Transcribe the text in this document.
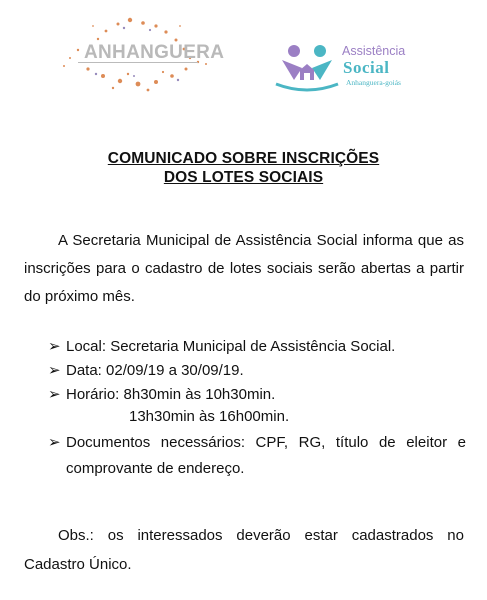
ANHANGUERA	Assistência
Social
Anhanguera-goiás
COMUNICADO SOBRE INSCRIÇÕES
DOS LOTES SOCIAIS
A Secretaria Municipal de Assistência Social informa que as inscrições para o cadastro de lotes sociais serão abertas a partir do próximo mês.
➢ Local: Secretaria Municipal de Assistência Social.
➢ Data: 02/09/19 a 30/09/19.
➢ Horário: 8h30min às 10h30min.
13h30min às 16h00min.
➢ Documentos necessários: CPF, RG, título de eleitor e comprovante de endereço.
Obs.: os interessados deverão estar cadastrados no Cadastro Único.
